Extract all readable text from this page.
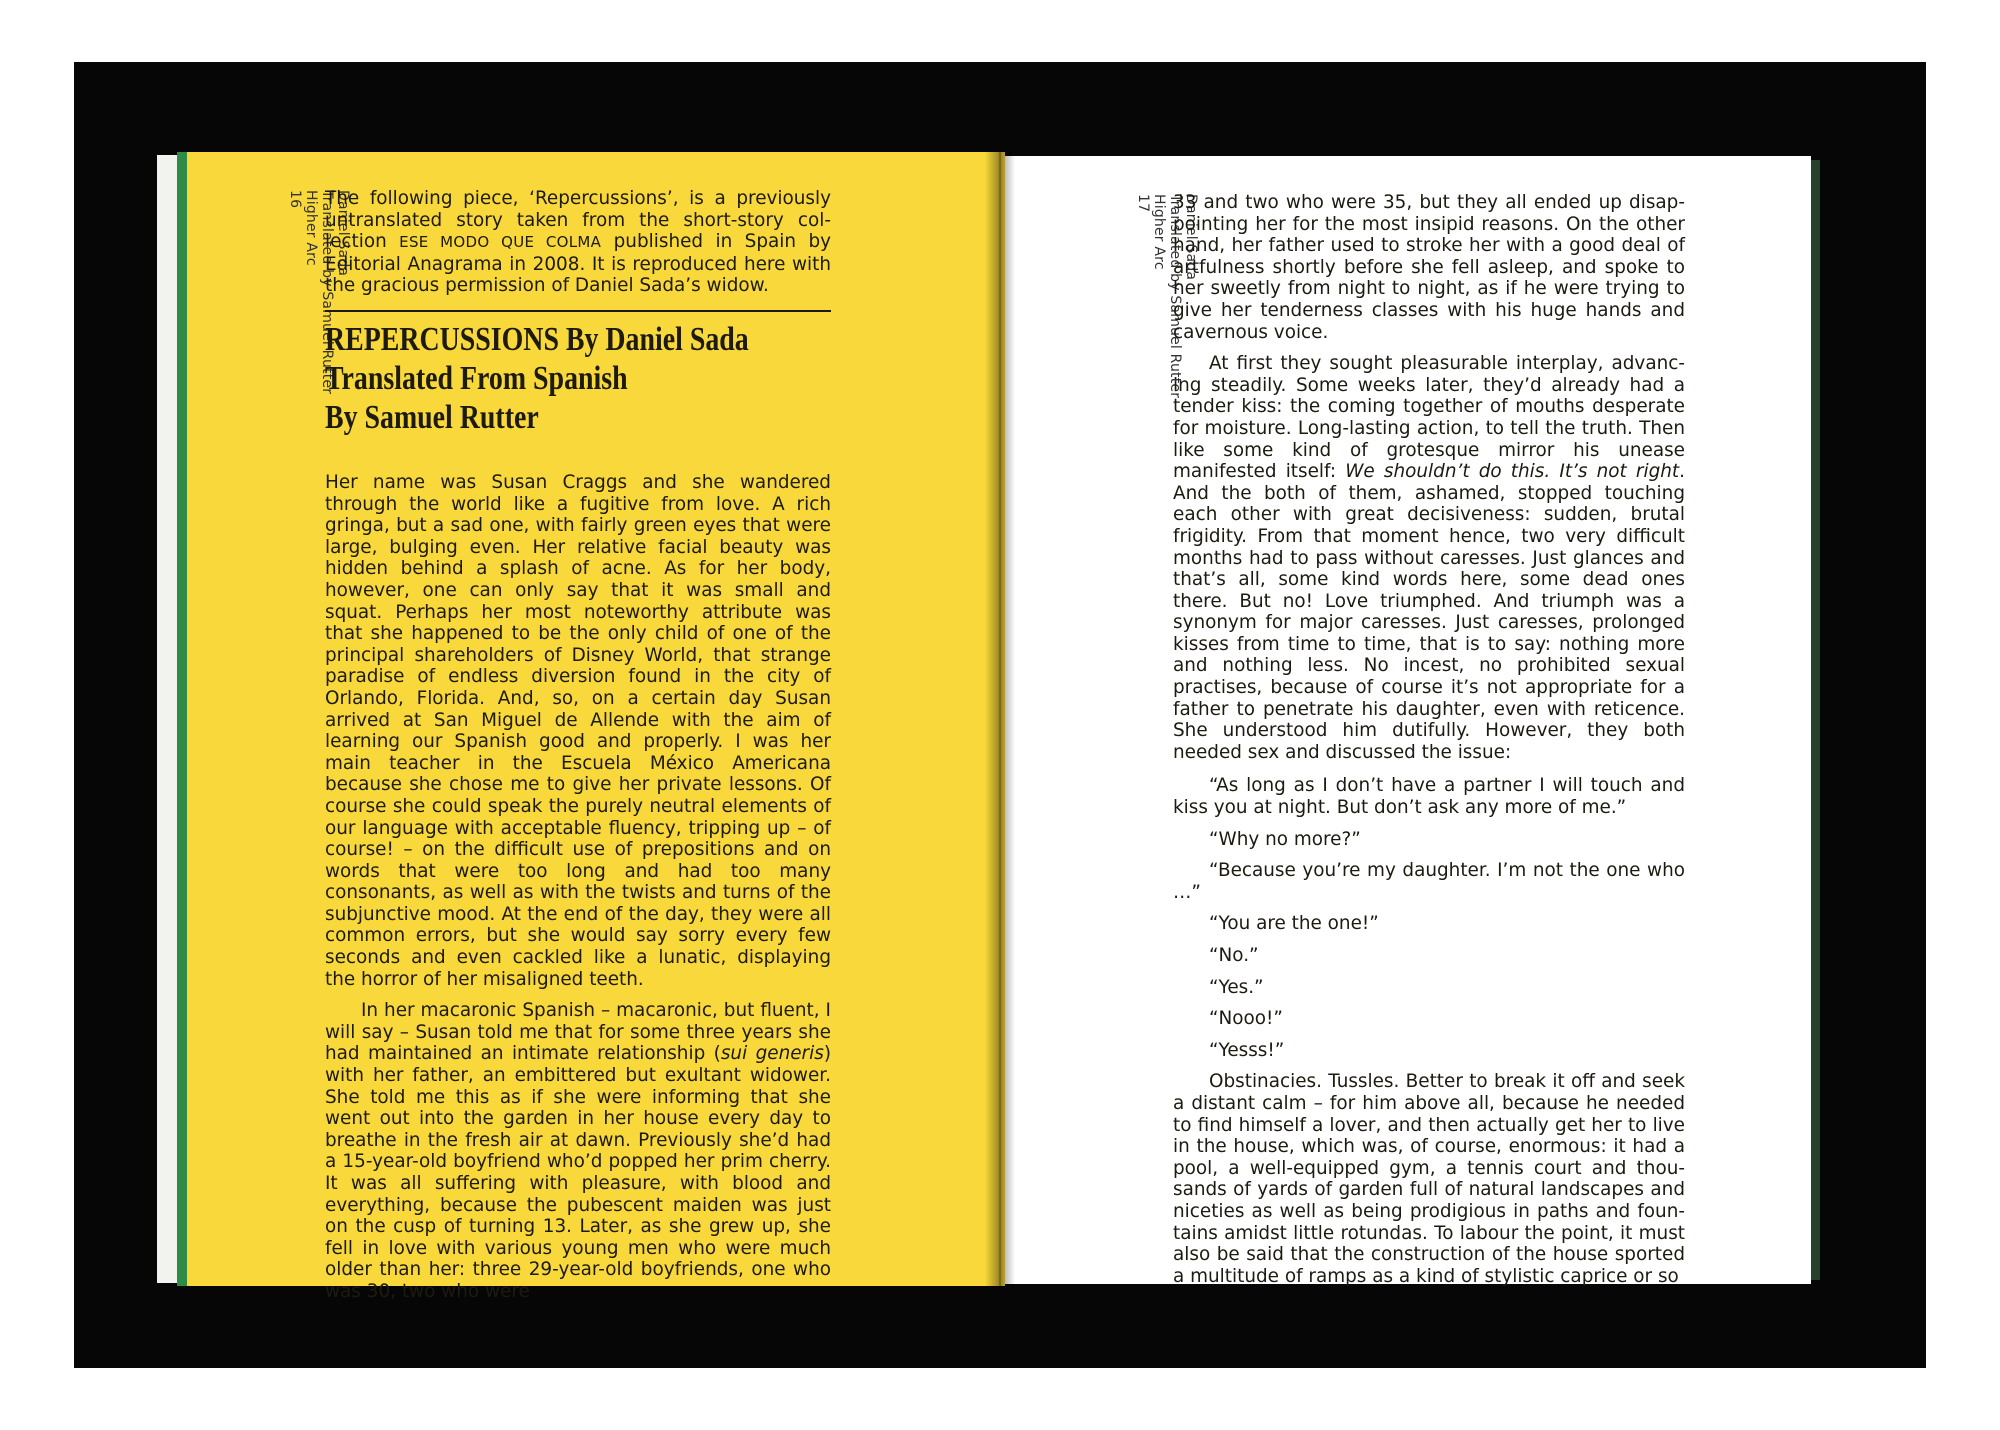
Daniel Sada
Translated by Samuel Rutter
Higher Arc
16 The following piece, ‘Repercussions’, is a previously untranslated story taken from the short-story collection ESE MODO QUE COLMA published in Spain by Editorial Anagrama in 2008. It is reproduced here with the gracious permission of Daniel Sada’s widow.

REPERCUSSIONS By Daniel Sada
Translated From Spanish
By Samuel Rutter

Her name was Susan Craggs and she wandered through the world like a fugitive from love. A rich gringa, but a sad one, with fairly green eyes that were large, bulging even. Her relative facial beauty was hidden behind a splash of acne. As for her body, however, one can only say that it was small and squat. Perhaps her most noteworthy attribute was that she happened to be the only child of one of the principal shareholders of Disney World, that strange paradise of endless diversion found in the city of Orlando, Florida. And, so, on a certain day Susan arrived at San Miguel de Allende with the aim of learning our Spanish good and properly. I was her main teacher in the Escuela México Americana because she chose me to give her private lessons. Of course she could speak the purely neutral elements of our language with acceptable fluency, tripping up – of course! – on the difficult use of prepositions and on words that were too long and had too many consonants, as well as with the twists and turns of the subjunctive mood. At the end of the day, they were all common errors, but she would say sorry every few seconds and even cackled like a lunatic, displaying the horror of her misaligned teeth.

In her macaronic Spanish – macaronic, but fluent, I will say – Susan told me that for some three years she had maintained an intimate relationship (sui generis) with her father, an embittered but exultant widower. She told me this as if she were informing that she went out into the garden in her house every day to breathe in the fresh air at dawn. Previously she’d had a 15-year-old boyfriend who’d popped her prim cherry. It was all suffering with pleasure, with blood and everything, because the pubescent maiden was just on the cusp of turning 13. Later, as she grew up, she fell in love with various young men who were much older than her: three 29-year-old boyfriends, one who was 30, two who were

Daniel Sada
Translated by Samuel Rutter
Higher Arc
17 33 and two who were 35, but they all ended up disappointing her for the most insipid reasons. On the other hand, her father used to stroke her with a good deal of artfulness shortly before she fell asleep, and spoke to her sweetly from night to night, as if he were trying to give her tenderness classes with his huge hands and cavernous voice.

At first they sought pleasurable interplay, advancing steadily. Some weeks later, they’d already had a tender kiss: the coming together of mouths desperate for moisture. Long-lasting action, to tell the truth. Then like some kind of grotesque mirror his unease manifested itself: We shouldn’t do this. It’s not right. And the both of them, ashamed, stopped touching each other with great decisiveness: sudden, brutal frigidity. From that moment hence, two very difficult months had to pass without caresses. Just glances and that’s all, some kind words here, some dead ones there. But no! Love triumphed. And triumph was a synonym for major caresses. Just caresses, prolonged kisses from time to time, that is to say: nothing more and nothing less. No incest, no prohibited sexual practises, because of course it’s not appropriate for a father to penetrate his daughter, even with reticence. She understood him dutifully. However, they both needed sex and discussed the issue:

“As long as I don’t have a partner I will touch and kiss you at night. But don’t ask any more of me.”

“Why no more?”

“Because you’re my daughter. I’m not the one who …”

“You are the one!”

“No.”

“Yes.”

“Nooo!”

“Yesss!”

Obstinacies. Tussles. Better to break it off and seek a distant calm – for him above all, because he needed to find himself a lover, and then actually get her to live in the house, which was, of course, enormous: it had a pool, a well-equipped gym, a tennis court and thousands of yards of garden full of natural landscapes and niceties as well as being prodigious in paths and fountains amidst little rotundas. To labour the point, it must also be said that the construction of the house sported a multitude of ramps as a kind of stylistic caprice or so
